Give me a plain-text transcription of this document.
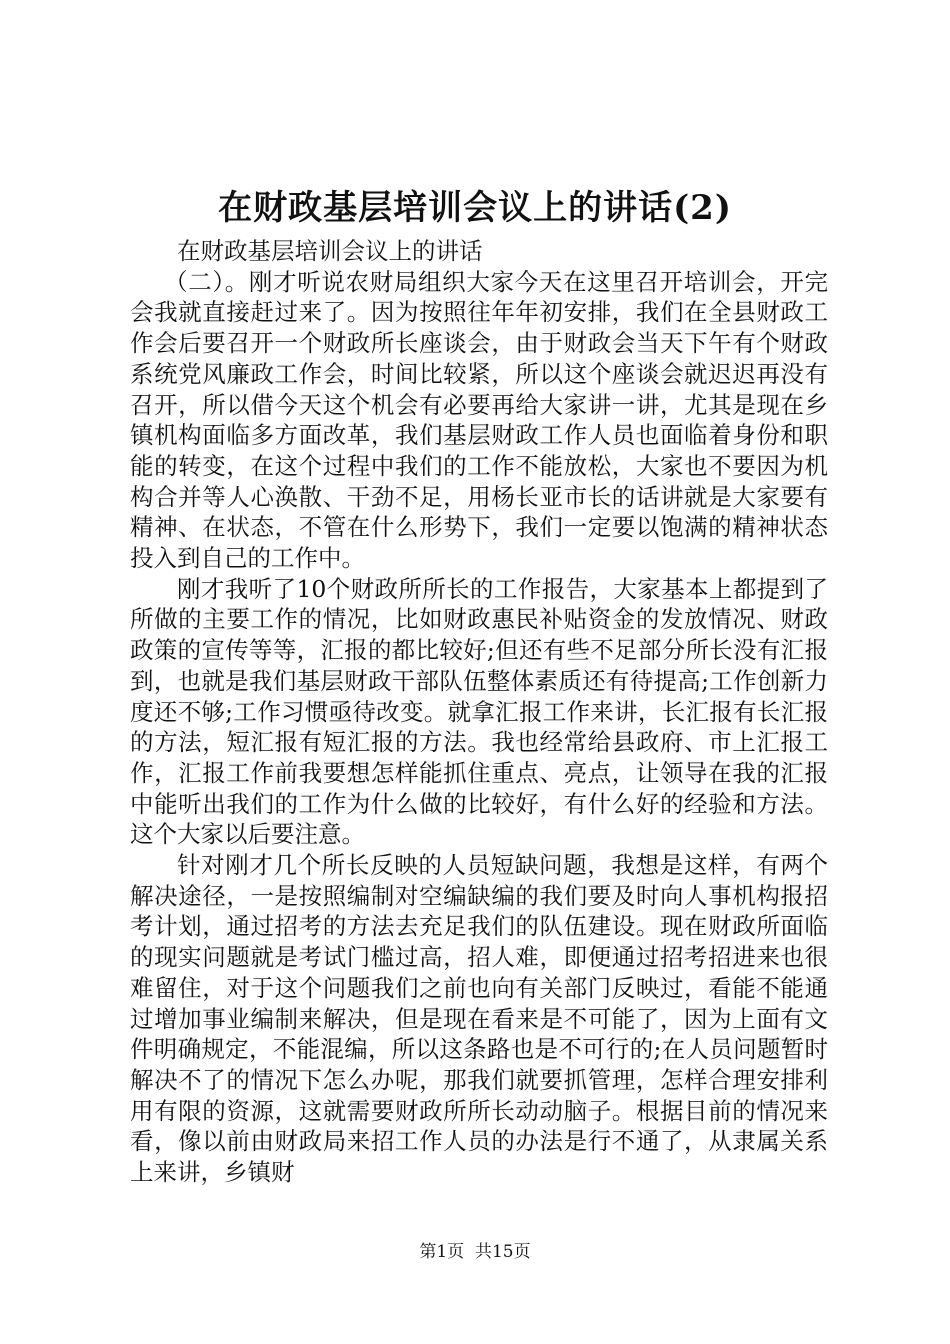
在财政基层培训会议上的讲话(2)

在财政基层培训会议上的讲话

（二）。刚才听说农财局组织大家今天在这里召开培训会，开完会我就直接赶过来了。因为按照往年年初安排，我们在全县财政工作会后要召开一个财政所长座谈会，由于财政会当天下午有个财政系统党风廉政工作会，时间比较紧，所以这个座谈会就迟迟再没有召开，所以借今天这个机会有必要再给大家讲一讲，尤其是现在乡镇机构面临多方面改革，我们基层财政工作人员也面临着身份和职能的转变，在这个过程中我们的工作不能放松，大家也不要因为机构合并等人心涣散、干劲不足，用杨长亚市长的话讲就是大家要有精神、在状态，不管在什么形势下，我们一定要以饱满的精神状态投入到自己的工作中。

刚才我听了10个财政所所长的工作报告，大家基本上都提到了所做的主要工作的情况，比如财政惠民补贴资金的发放情况、财政政策的宣传等等，汇报的都比较好;但还有些不足部分所长没有汇报到，也就是我们基层财政干部队伍整体素质还有待提高;工作创新力度还不够;工作习惯亟待改变。就拿汇报工作来讲，长汇报有长汇报的方法，短汇报有短汇报的方法。我也经常给县政府、市上汇报工作，汇报工作前我要想怎样能抓住重点、亮点，让领导在我的汇报中能听出我们的工作为什么做的比较好，有什么好的经验和方法。这个大家以后要注意。

针对刚才几个所长反映的人员短缺问题，我想是这样，有两个解决途径，一是按照编制对空编缺编的我们要及时向人事机构报招考计划，通过招考的方法去充足我们的队伍建设。现在财政所面临的现实问题就是考试门槛过高，招人难，即便通过招考招进来也很难留住，对于这个问题我们之前也向有关部门反映过，看能不能通过增加事业编制来解决，但是现在看来是不可能了，因为上面有文件明确规定，不能混编，所以这条路也是不可行的;在人员问题暂时解决不了的情况下怎么办呢，那我们就要抓管理，怎样合理安排利用有限的资源，这就需要财政所所长动动脑子。根据目前的情况来看，像以前由财政局来招工作人员的办法是行不通了，从隶属关系上来讲，乡镇财

第1页  共15页
